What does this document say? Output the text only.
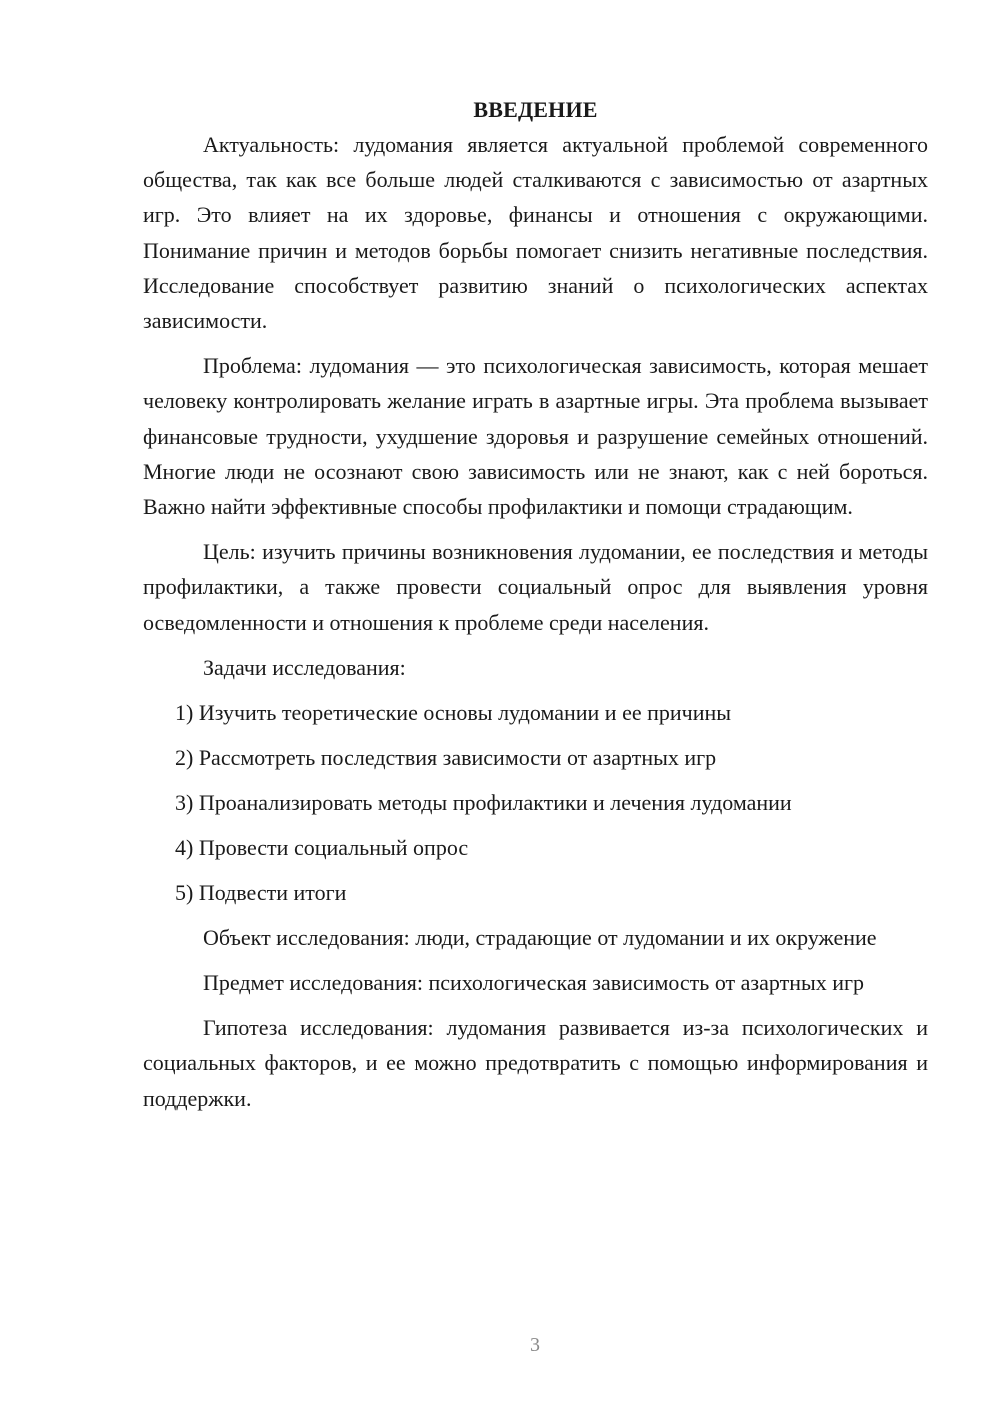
ВВЕДЕНИЕ

Актуальность: лудомания является актуальной проблемой современного общества, так как все больше людей сталкиваются с зависимостью от азартных игр. Это влияет на их здоровье, финансы и отношения с окружающими. Понимание причин и методов борьбы помогает снизить негативные последствия. Исследование способствует развитию знаний о психологических аспектах зависимости.

Проблема: лудомания — это психологическая зависимость, которая мешает человеку контролировать желание играть в азартные игры. Эта проблема вызывает финансовые трудности, ухудшение здоровья и разрушение семейных отношений. Многие люди не осознают свою зависимость или не знают, как с ней бороться. Важно найти эффективные способы профилактики и помощи страдающим.

Цель: изучить причины возникновения лудомании, ее последствия и методы профилактики, а также провести социальный опрос для выявления уровня осведомленности и отношения к проблеме среди населения.

Задачи исследования:
1) Изучить теоретические основы лудомании и ее причины
2) Рассмотреть последствия зависимости от азартных игр
3) Проанализировать методы профилактики и лечения лудомании
4) Провести социальный опрос
5) Подвести итоги

Объект исследования: люди, страдающие от лудомании и их окружение

Предмет исследования: психологическая зависимость от азартных игр

Гипотеза исследования: лудомания развивается из-за психологических и социальных факторов, и ее можно предотвратить с помощью информирования и поддержки.

3
